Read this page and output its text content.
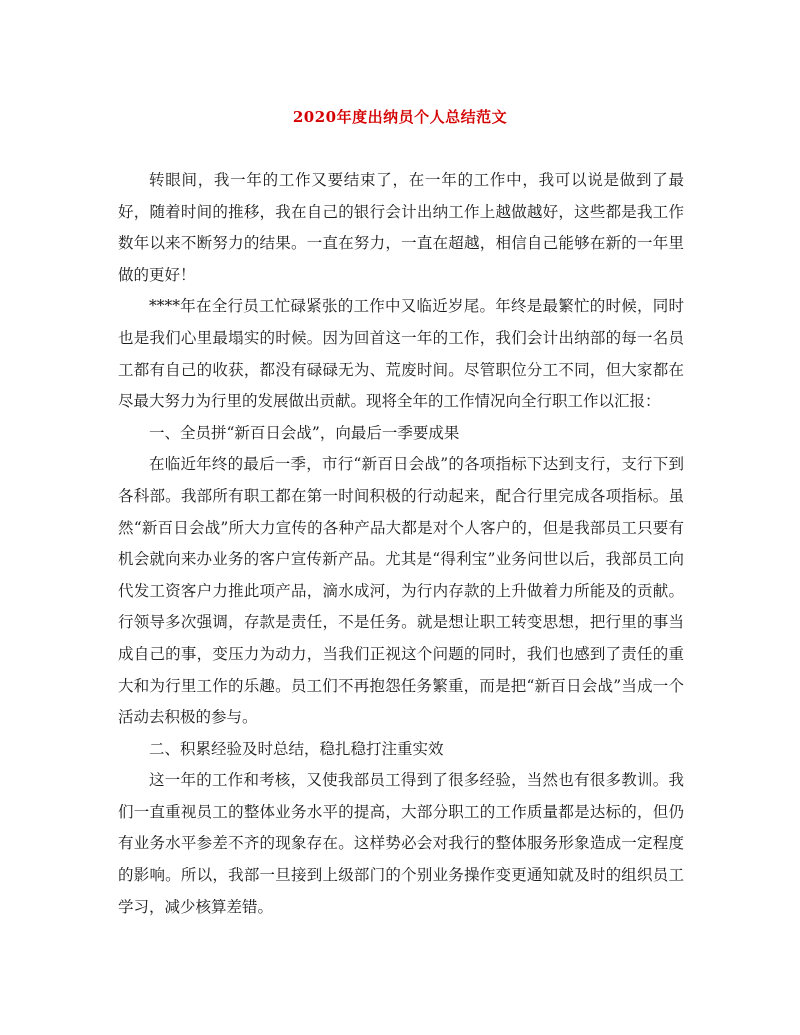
2020年度出纳员个人总结范文

转眼间，我一年的工作又要结束了，在一年的工作中，我可以说是做到了最好，随着时间的推移，我在自己的银行会计出纳工作上越做越好，这些都是我工作数年以来不断努力的结果。一直在努力，一直在超越，相信自己能够在新的一年里做的更好！

****年在全行员工忙碌紧张的工作中又临近岁尾。年终是最繁忙的时候，同时也是我们心里最塌实的时候。因为回首这一年的工作，我们会计出纳部的每一名员工都有自己的收获，都没有碌碌无为、荒废时间。尽管职位分工不同，但大家都在尽最大努力为行里的发展做出贡献。现将全年的工作情况向全行职工作以汇报：

一、全员拼“新百日会战”，向最后一季要成果

在临近年终的最后一季，市行“新百日会战”的各项指标下达到支行，支行下到各科部。我部所有职工都在第一时间积极的行动起来，配合行里完成各项指标。虽然“新百日会战”所大力宣传的各种产品大都是对个人客户的，但是我部员工只要有机会就向来办业务的客户宣传新产品。尤其是“得利宝”业务问世以后，我部员工向代发工资客户力推此项产品，滴水成河，为行内存款的上升做着力所能及的贡献。行领导多次强调，存款是责任，不是任务。就是想让职工转变思想，把行里的事当成自己的事，变压力为动力，当我们正视这个问题的同时，我们也感到了责任的重大和为行里工作的乐趣。员工们不再抱怨任务繁重，而是把“新百日会战”当成一个活动去积极的参与。

二、积累经验及时总结，稳扎稳打注重实效

这一年的工作和考核，又使我部员工得到了很多经验，当然也有很多教训。我们一直重视员工的整体业务水平的提高，大部分职工的工作质量都是达标的，但仍有业务水平参差不齐的现象存在。这样势必会对我行的整体服务形象造成一定程度的影响。所以，我部一旦接到上级部门的个别业务操作变更通知就及时的组织员工学习，减少核算差错。
